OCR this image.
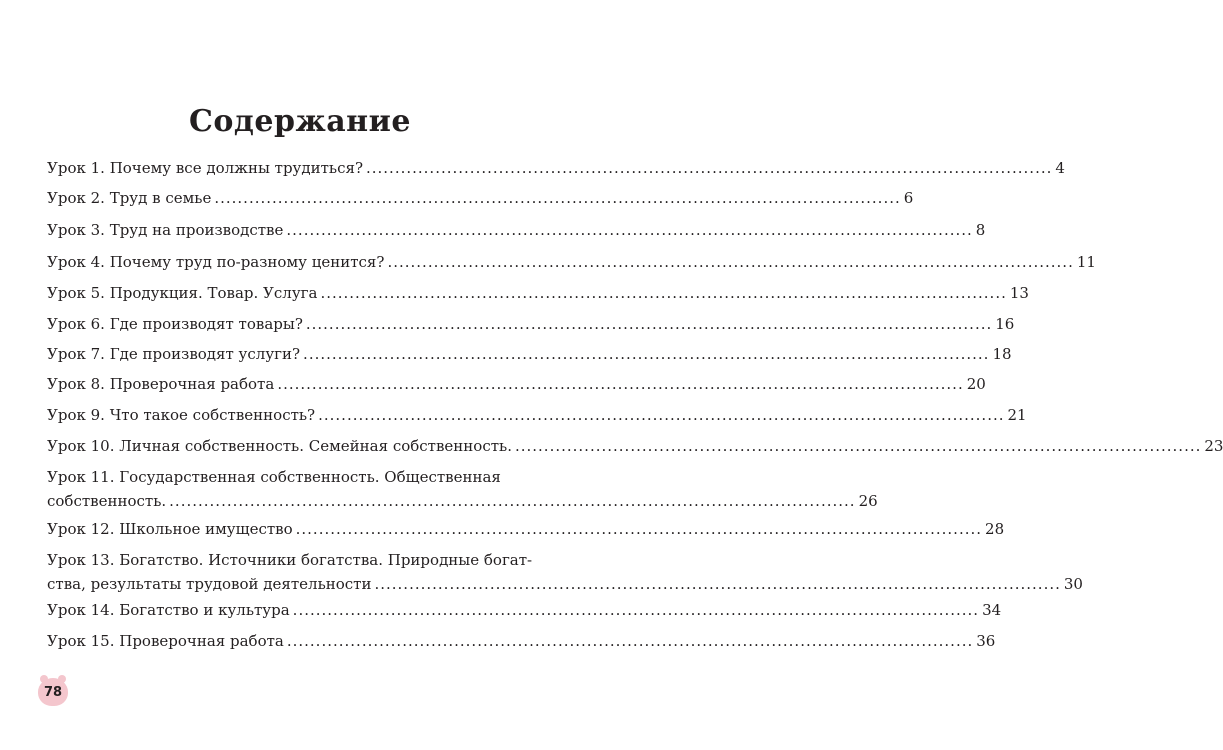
Содержание
Урок 1. Почему все должны трудиться? ....................................................................................................................... 4
Урок 2. Труд в семье ....................................................................................................................... 6
Урок 3. Труд на производстве ....................................................................................................................... 8
Урок 4. Почему труд по-разному ценится? ....................................................................................................................... 11
Урок 5. Продукция. Товар. Услуга ....................................................................................................................... 13
Урок 6. Где производят товары? ....................................................................................................................... 16
Урок 7. Где производят услуги? ....................................................................................................................... 18
Урок 8. Проверочная работа ....................................................................................................................... 20
Урок 9. Что такое собственность? ....................................................................................................................... 21
Урок 10. Личная собственность. Семейная собственность. ....................................................................................................................... 23
Урок 11. Государственная собственность. Общественная
собственность. ....................................................................................................................... 26
Урок 12. Школьное имущество ....................................................................................................................... 28
Урок 13. Богатство. Источники богатства. Природные богат-
ства, результаты трудовой деятельности ....................................................................................................................... 30
Урок 14. Богатство и культура ....................................................................................................................... 34
Урок 15. Проверочная работа ....................................................................................................................... 36
78
